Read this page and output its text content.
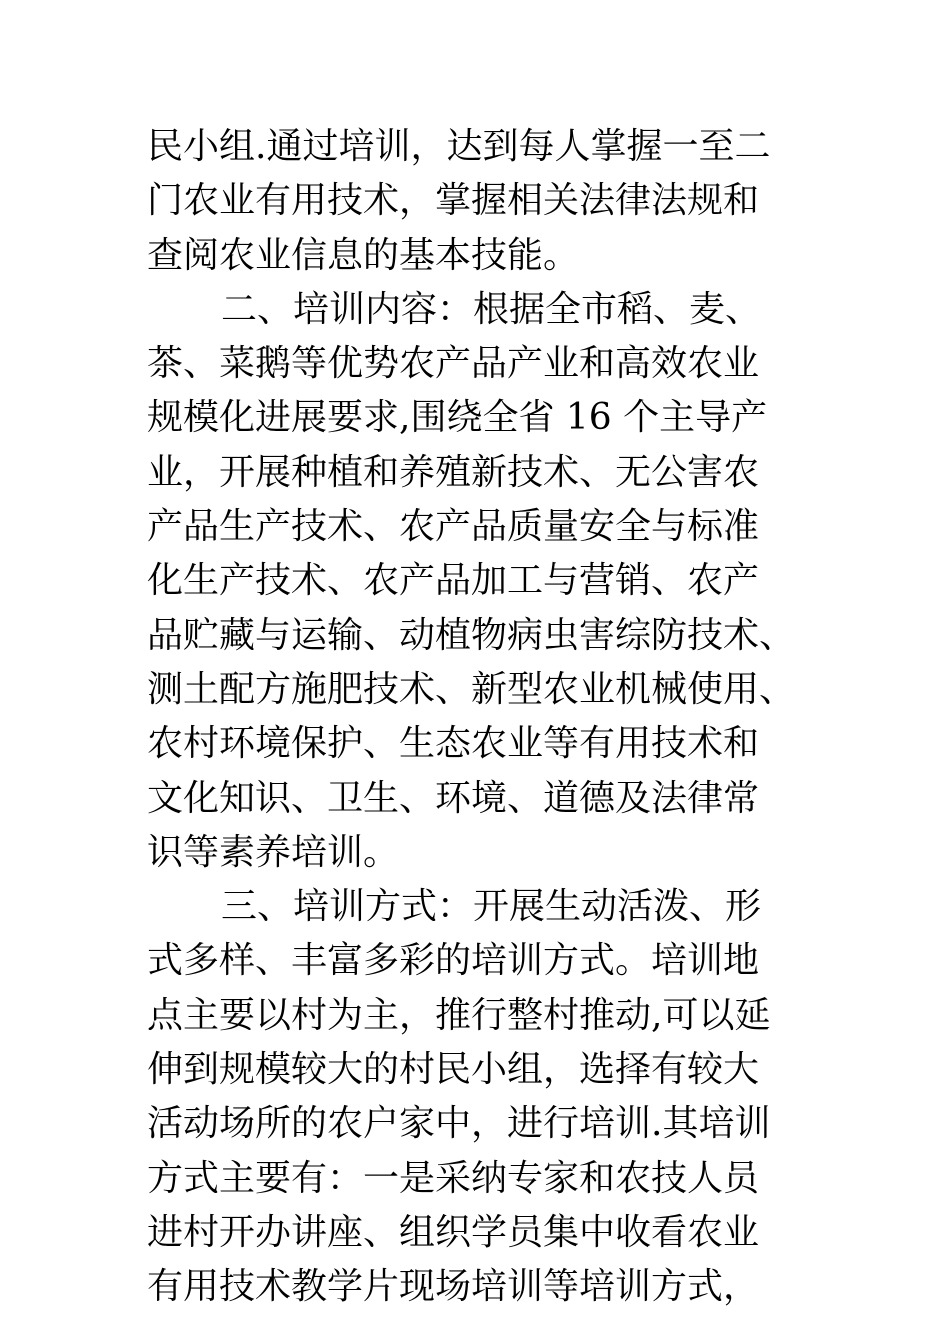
民小组.通过培训，达到每人掌握一至二
门农业有用技术，掌握相关法律法规和
查阅农业信息的基本技能。
二、培训内容：根据全市稻、麦、
茶、菜鹅等优势农产品产业和高效农业
规模化进展要求,围绕全省 16 个主导产
业，开展种植和养殖新技术、无公害农
产品生产技术、农产品质量安全与标准
化生产技术、农产品加工与营销、农产
品贮藏与运输、动植物病虫害综防技术、
测土配方施肥技术、新型农业机械使用、
农村环境保护、生态农业等有用技术和
文化知识、卫生、环境、道德及法律常
识等素养培训。
三、培训方式：开展生动活泼、形
式多样、丰富多彩的培训方式。培训地
点主要以村为主，推行整村推动,可以延
伸到规模较大的村民小组，选择有较大
活动场所的农户家中，进行培训.其培训
方式主要有：一是采纳专家和农技人员
进村开办讲座、组织学员集中收看农业
有用技术教学片现场培训等培训方式，
